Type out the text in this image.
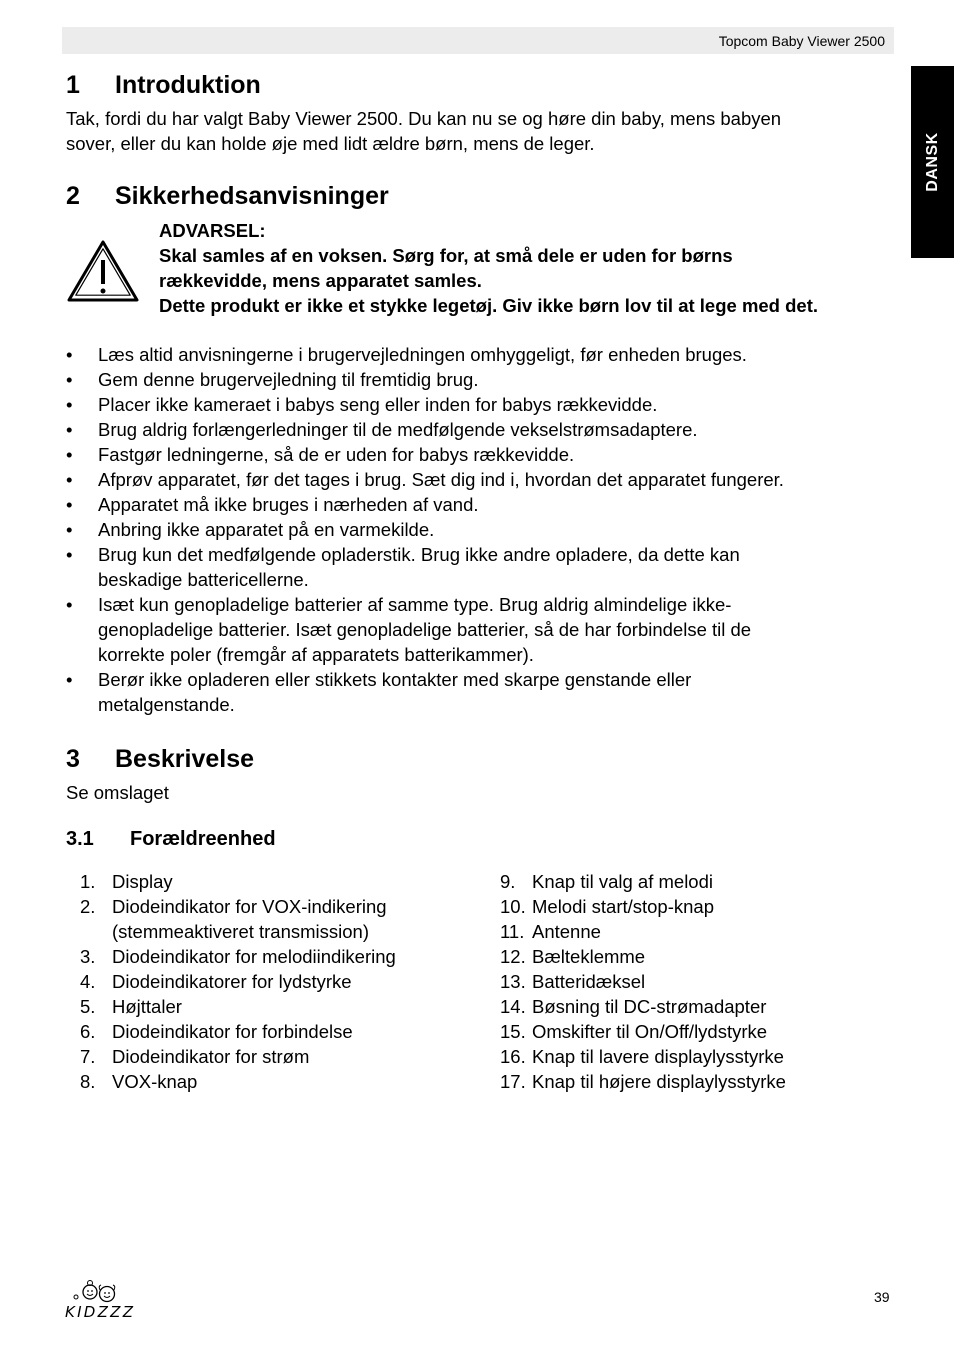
Topcom Baby Viewer 2500
DANSK
1	Introduktion
Tak, fordi du har valgt Baby Viewer 2500. Du kan nu se og høre din baby, mens babyen
sover, eller du kan holde øje med lidt ældre børn, mens de leger.
2	Sikkerhedsanvisninger
ADVARSEL:
Skal samles af en voksen. Sørg for, at små dele er uden for børns
rækkevidde, mens apparatet samles.
Dette produkt er ikke et stykke legetøj. Giv ikke børn lov til at lege med det.
• Læs altid anvisningerne i brugervejledningen omhyggeligt, før enheden bruges.
• Gem denne brugervejledning til fremtidig brug.
• Placer ikke kameraet i babys seng eller inden for babys rækkevidde.
• Brug aldrig forlængerledninger til de medfølgende vekselstrømsadaptere.
• Fastgør ledningerne, så de er uden for babys rækkevidde.
• Afprøv apparatet, før det tages i brug. Sæt dig ind i, hvordan det apparatet fungerer.
• Apparatet må ikke bruges i nærheden af vand.
• Anbring ikke apparatet på en varmekilde.
• Brug kun det medfølgende opladerstik. Brug ikke andre opladere, da dette kan
beskadige battericellerne.
• Isæt kun genopladelige batterier af samme type. Brug aldrig almindelige ikke-
genopladelige batterier. Isæt genopladelige batterier, så de har forbindelse til de
korrekte poler (fremgår af apparatets batterikammer).
• Berør ikke opladeren eller stikkets kontakter med skarpe genstande eller
metalgenstande.
3	Beskrivelse
Se omslaget
3.1	Forældreenhed
1. Display
2. Diodeindikator for VOX-indikering
(stemmeaktiveret transmission)
3. Diodeindikator for melodiindikering
4. Diodeindikatorer for lydstyrke
5. Højttaler
6. Diodeindikator for forbindelse
7. Diodeindikator for strøm
8. VOX-knap
9. Knap til valg af melodi
10. Melodi start/stop-knap
11. Antenne
12. Bælteklemme
13. Batteridæksel
14. Bøsning til DC-strømadapter
15. Omskifter til On/Off/lydstyrke
16. Knap til lavere displaylysstyrke
17. Knap til højere displaylysstyrke
KIDZZZ
39
